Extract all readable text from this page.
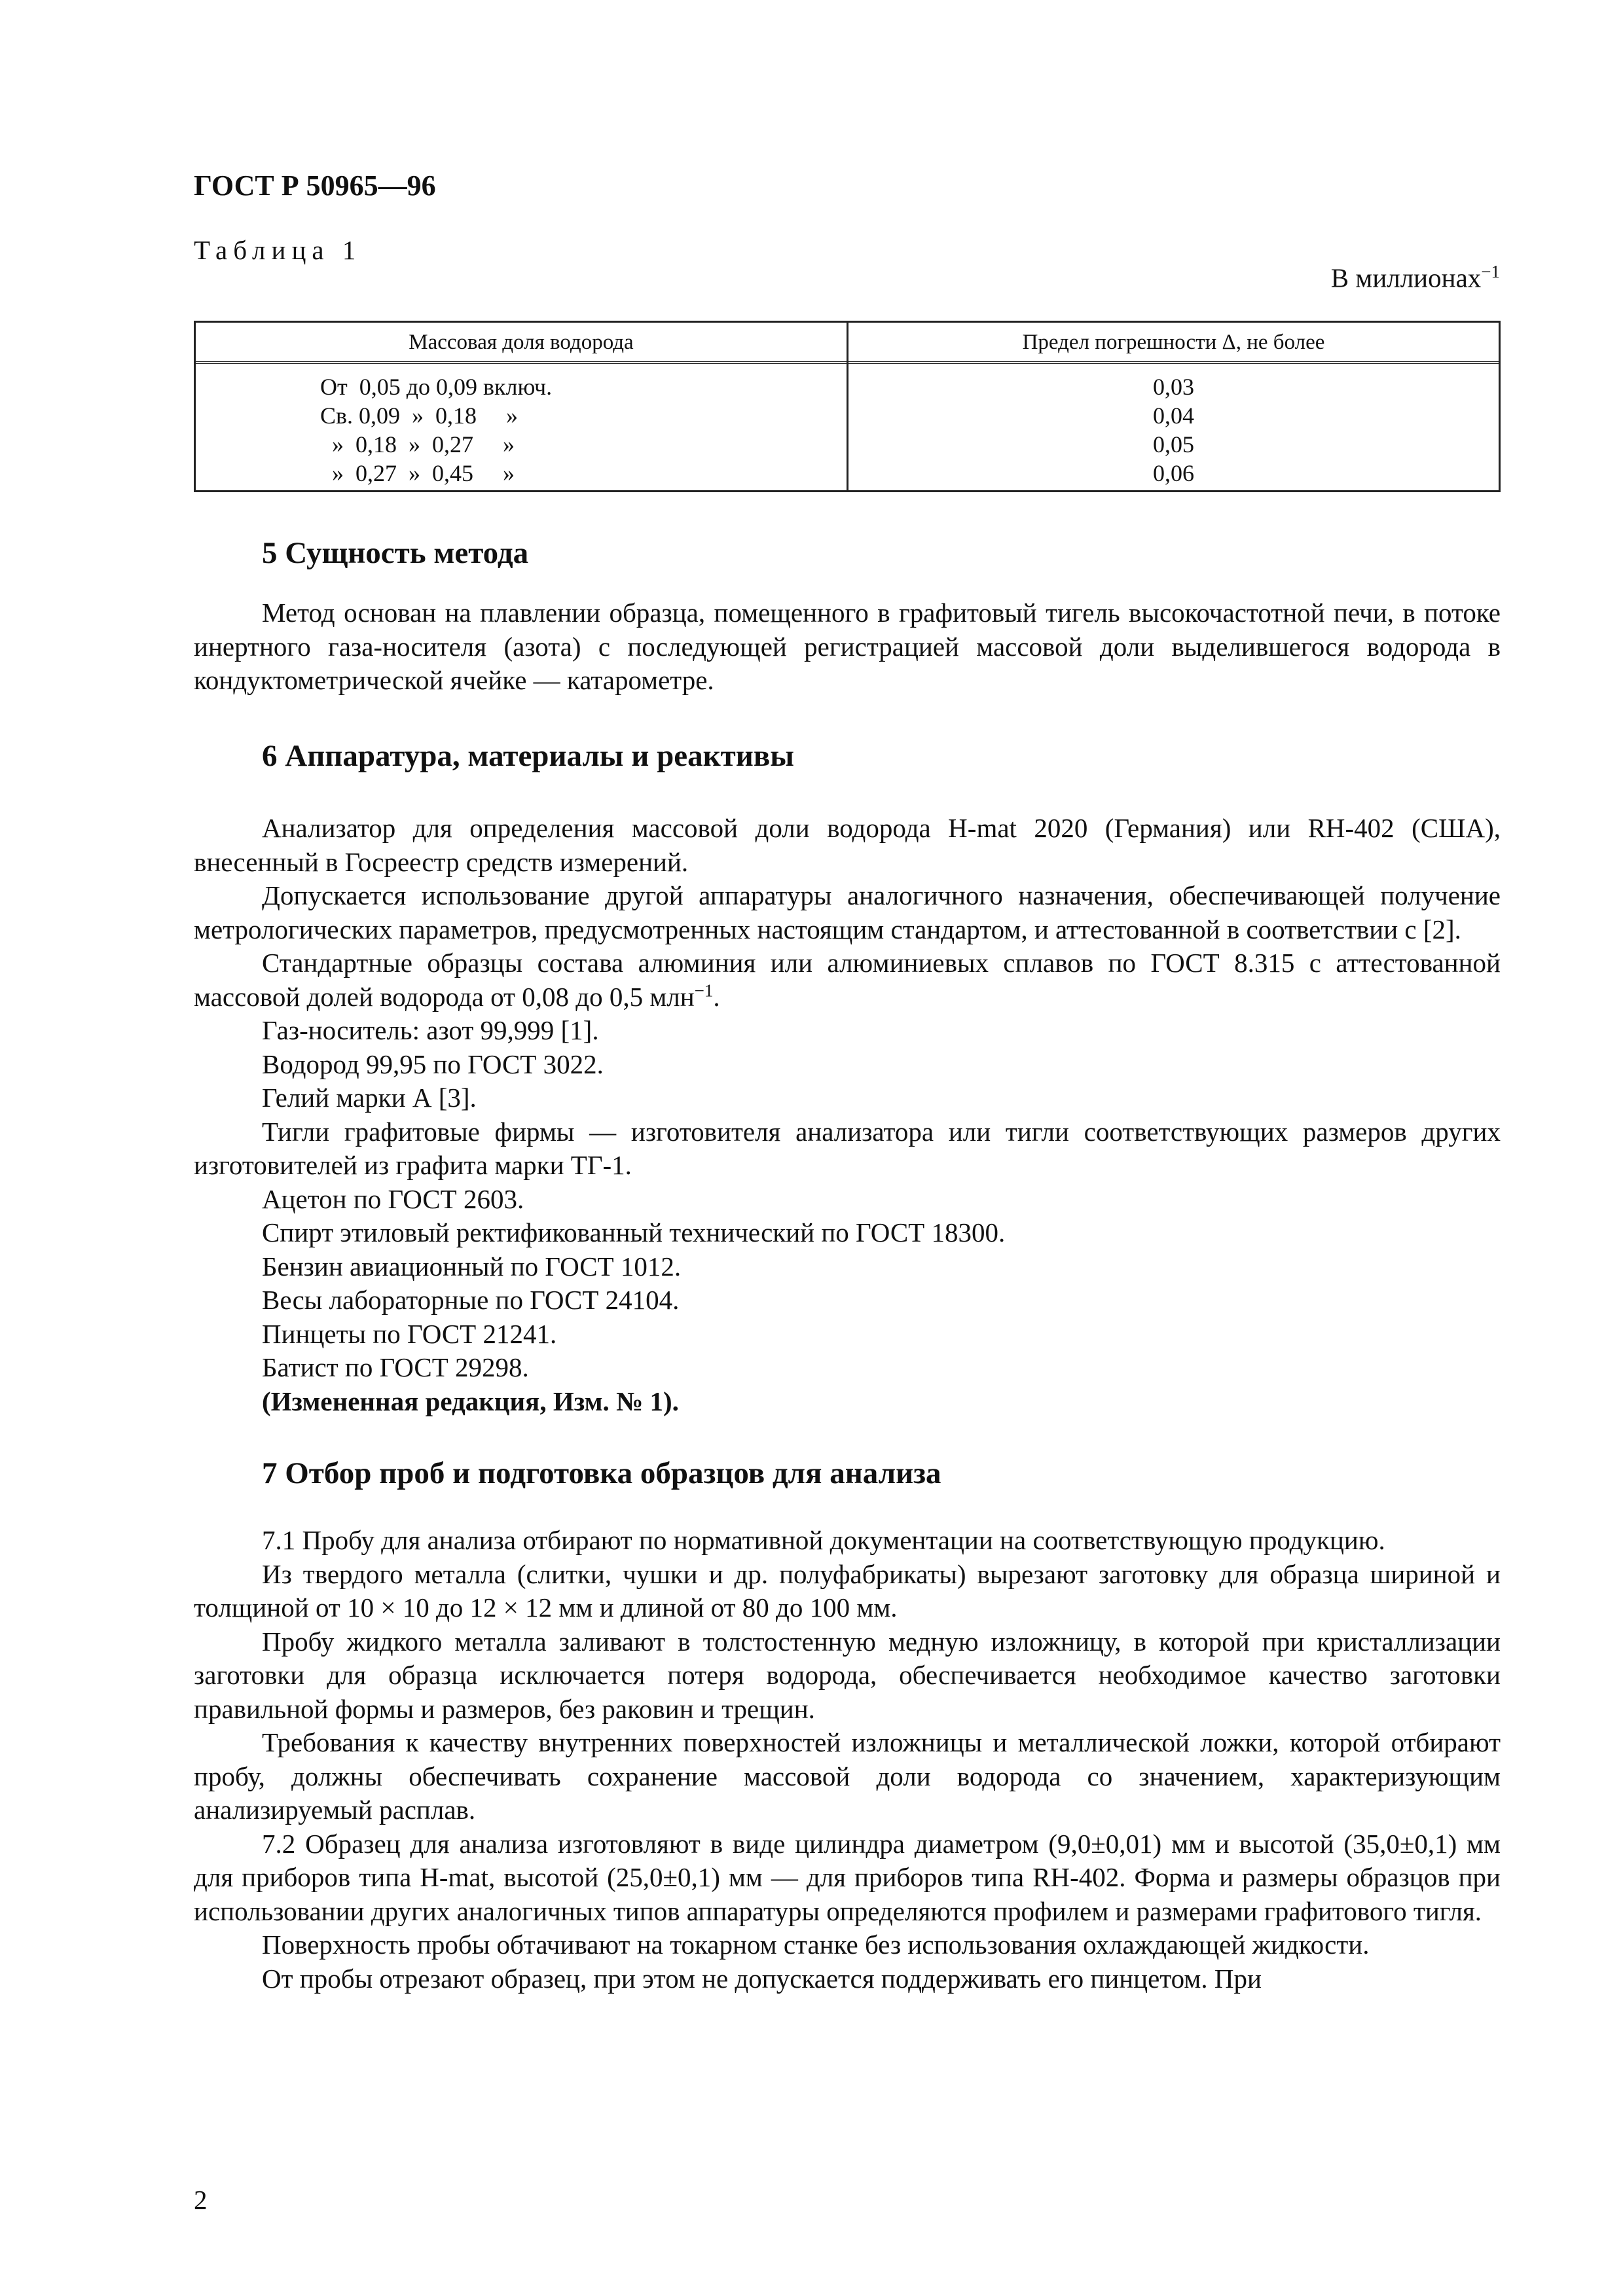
ГОСТ Р 50965—96
Таблица 1
В миллионах$^{-1}$
Массовая доля водорода	Предел погрешности Δ, не более
От  0,05 до 0,09 включ.
Св. 0,09  »  0,18     »
»  0,18  »  0,27     »
»  0,27  »  0,45     »
0,03
0,04
0,05
0,06
5 Сущность метода

Метод основан на плавлении образца, помещенного в графитовый тигель высокочастотной печи, в потоке инертного газа-носителя (азота) с последующей регистрацией массовой доли выделившегося водорода в кондуктометрической ячейке — катарометре.

6 Аппаратура, материалы и реактивы

Анализатор для определения массовой доли водорода H-mat 2020 (Германия) или RH-402 (США), внесенный в Госреестр средств измерений.

Допускается использование другой аппаратуры аналогичного назначения, обеспечивающей получение метрологических параметров, предусмотренных настоящим стандартом, и аттестованной в соответствии с [2].

Стандартные образцы состава алюминия или алюминиевых сплавов по ГОСТ 8.315 с аттестованной массовой долей водорода от 0,08 до 0,5 млн$^{-1}$.

Газ-носитель: азот 99,999 [1].

Водород 99,95 по ГОСТ 3022.

Гелий марки А [3].

Тигли графитовые фирмы — изготовителя анализатора или тигли соответствующих размеров других изготовителей из графита марки ТГ-1.

Ацетон по ГОСТ 2603.

Спирт этиловый ректификованный технический по ГОСТ 18300.

Бензин авиационный по ГОСТ 1012.

Весы лабораторные по ГОСТ 24104.

Пинцеты по ГОСТ 21241.

Батист по ГОСТ 29298.

(Измененная редакция, Изм. № 1).

7 Отбор проб и подготовка образцов для анализа

7.1 Пробу для анализа отбирают по нормативной документации на соответствующую продукцию.

Из твердого металла (слитки, чушки и др. полуфабрикаты) вырезают заготовку для образца шириной и толщиной от 10 × 10 до 12 × 12 мм и длиной от 80 до 100 мм.

Пробу жидкого металла заливают в толстостенную медную изложницу, в которой при кристаллизации заготовки для образца исключается потеря водорода, обеспечивается необходимое качество заготовки правильной формы и размеров, без раковин и трещин.

Требования к качеству внутренних поверхностей изложницы и металлической ложки, которой отбирают пробу, должны обеспечивать сохранение массовой доли водорода со значением, характеризующим анализируемый расплав.

7.2 Образец для анализа изготовляют в виде цилиндра диаметром (9,0±0,01) мм и высотой (35,0±0,1) мм для приборов типа H-mat, высотой (25,0±0,1) мм — для приборов типа RH-402. Форма и размеры образцов при использовании других аналогичных типов аппаратуры определяются профилем и размерами графитового тигля.

Поверхность пробы обтачивают на токарном станке без использования охлаждающей жидкости.

От пробы отрезают образец, при этом не допускается поддерживать его пинцетом. При

2
